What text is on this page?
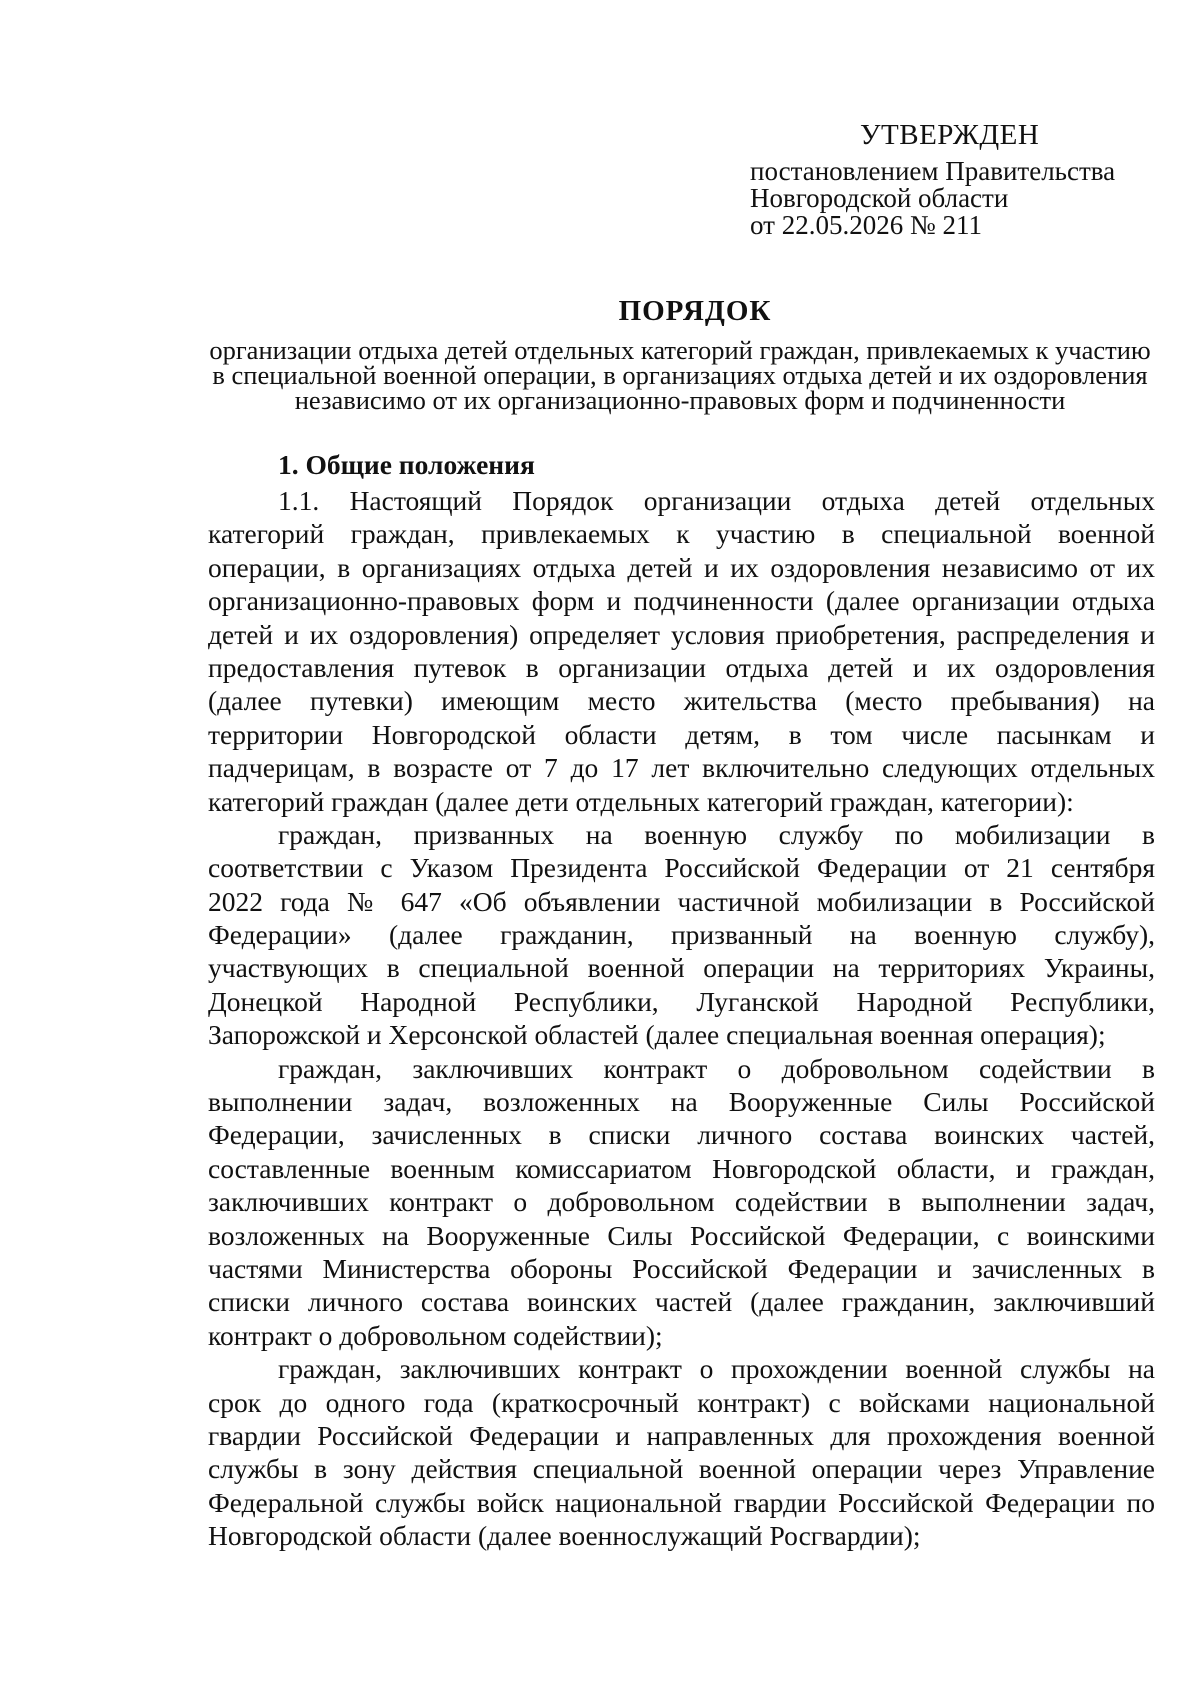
УТВЕРЖДЕН
постановлением Правительства
Новгородской области
от 22.05.2026 № 211
ПОРЯДОК
организации отдыха детей отдельных категорий граждан, привлекаемых к участию
в специальной военной операции, в организациях отдыха детей и их оздоровления
независимо от их организационно-правовых форм и подчиненности
1. Общие положения
1.1. Настоящий Порядок организации отдыха детей отдельных
категорий граждан, привлекаемых к участию в специальной военной
операции, в организациях отдыха детей и их оздоровления независимо от их
организационно-правовых форм и подчиненности (далее организации отдыха
детей и их оздоровления) определяет условия приобретения, распределения и
предоставления путевок в организации отдыха детей и их оздоровления
(далее путевки) имеющим место жительства (место пребывания) на
территории Новгородской области детям, в том числе пасынкам и
падчерицам, в возрасте от 7 до 17 лет включительно следующих отдельных
категорий граждан (далее дети отдельных категорий граждан, категории):
граждан, призванных на военную службу по мобилизации в
соответствии с Указом Президента Российской Федерации от 21 сентября
2022 года № 647 «Об объявлении частичной мобилизации в Российской
Федерации» (далее гражданин, призванный на военную службу),
участвующих в специальной военной операции на территориях Украины,
Донецкой Народной Республики, Луганской Народной Республики,
Запорожской и Херсонской областей (далее специальная военная операция);
граждан, заключивших контракт о добровольном содействии в
выполнении задач, возложенных на Вооруженные Силы Российской
Федерации, зачисленных в списки личного состава воинских частей,
составленные военным комиссариатом Новгородской области, и граждан,
заключивших контракт о добровольном содействии в выполнении задач,
возложенных на Вооруженные Силы Российской Федерации, с воинскими
частями Министерства обороны Российской Федерации и зачисленных в
списки личного состава воинских частей (далее гражданин, заключивший
контракт о добровольном содействии);
граждан, заключивших контракт о прохождении военной службы на
срок до одного года (краткосрочный контракт) с войсками национальной
гвардии Российской Федерации и направленных для прохождения военной
службы в зону действия специальной военной операции через Управление
Федеральной службы войск национальной гвардии Российской Федерации по
Новгородской области (далее военнослужащий Росгвардии);
